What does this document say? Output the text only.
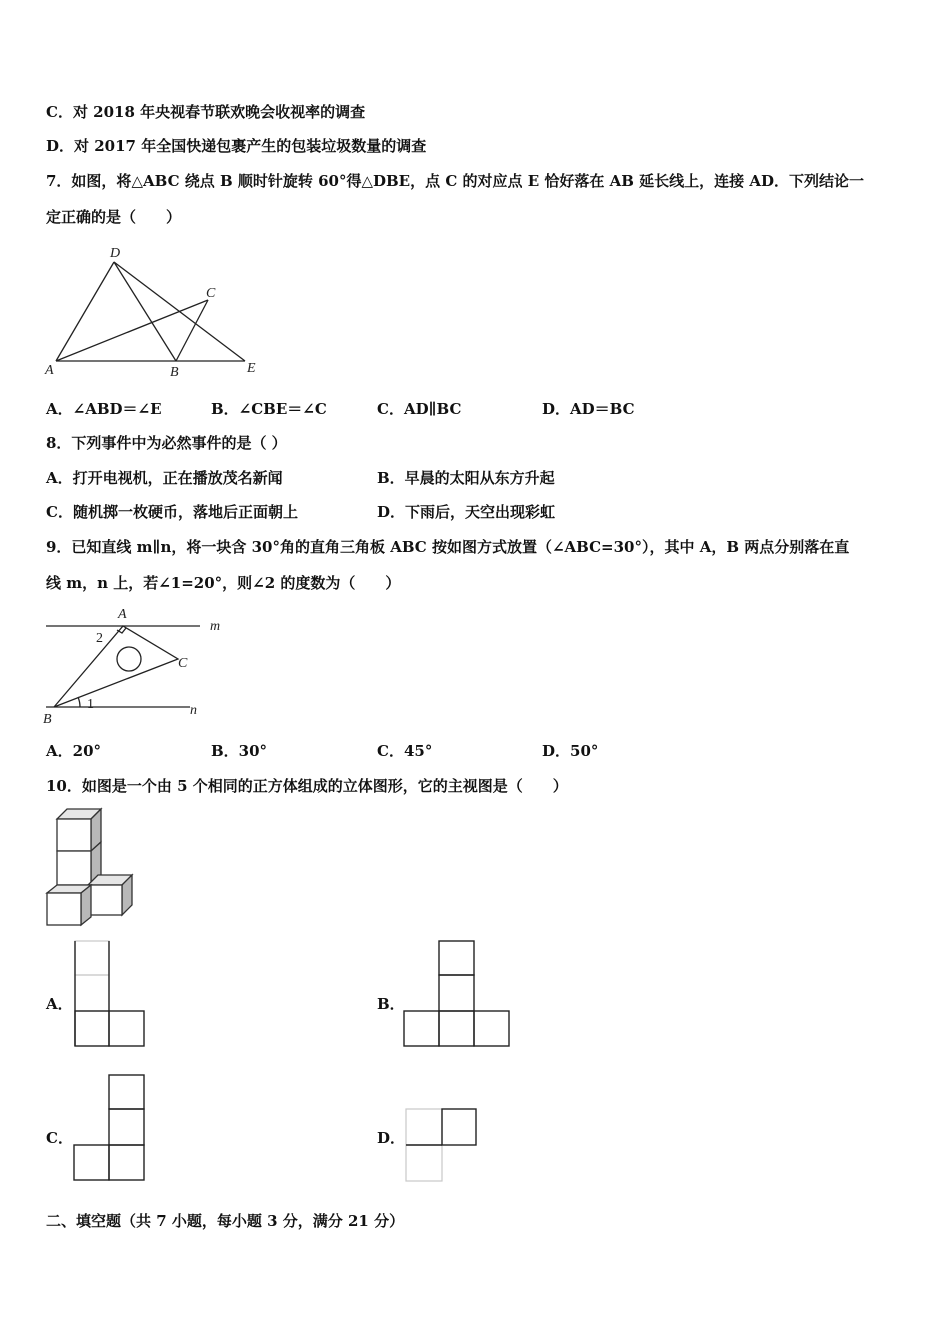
C．对 2018 年央视春节联欢晚会收视率的调查
D．对 2017 年全国快递包裹产生的包装垃圾数量的调查
7．如图，将△ABC 绕点 B 顺时针旋转 60°得△DBE，点 C 的对应点 E 恰好落在 AB 延长线上，连接 AD．下列结论一
定正确的是（　　）
D
C
A	B	E
A．∠ABD＝∠E	B．∠CBE＝∠C	C．AD∥BC	D．AD＝BC
8．下列事件中为必然事件的是（ ）
A．打开电视机，正在播放茂名新闻	B．早晨的太阳从东方升起
C．随机掷一枚硬币，落地后正面朝上	D．下雨后，天空出现彩虹
9．已知直线 m∥n，将一块含 30°角的直角三角板 ABC 按如图方式放置（∠ABC=30°），其中 A，B 两点分别落在直
线 m，n 上，若∠1=20°，则∠2 的度数为（　　）
A
m
2
C
1
B
n
A．20°	B．30°	C．45°	D．50°
10．如图是一个由 5 个相同的正方体组成的立体图形，它的主视图是（　　）
A．	B．
C．	D．
二、填空题（共 7 小题，每小题 3 分，满分 21 分）
